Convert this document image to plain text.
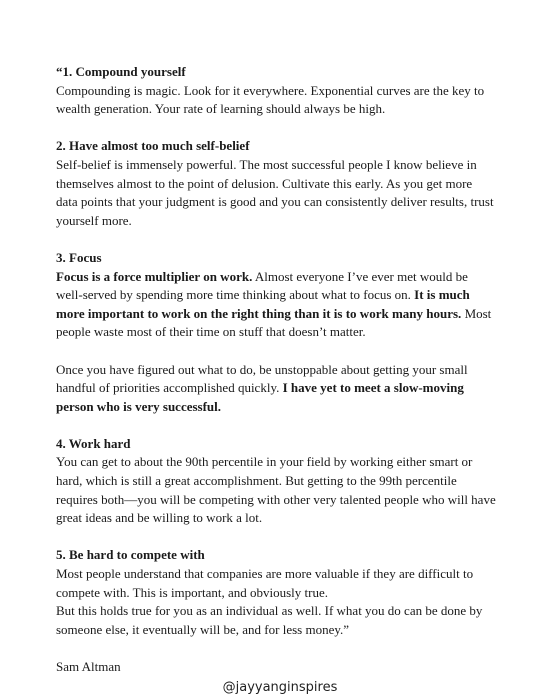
“1. Compound yourself

Compounding is magic. Look for it everywhere. Exponential curves are the key to wealth generation. Your rate of learning should always be high.

2. Have almost too much self-belief

Self-belief is immensely powerful. The most successful people I know believe in themselves almost to the point of delusion. Cultivate this early. As you get more data points that your judgment is good and you can consistently deliver results, trust yourself more.

3. Focus

Focus is a force multiplier on work. Almost everyone I’ve ever met would be well-served by spending more time thinking about what to focus on. It is much more important to work on the right thing than it is to work many hours. Most people waste most of their time on stuff that doesn’t matter.

Once you have figured out what to do, be unstoppable about getting your small handful of priorities accomplished quickly. I have yet to meet a slow-moving person who is very successful.

4. Work hard

You can get to about the 90th percentile in your field by working either smart or hard, which is still a great accomplishment. But getting to the 99th percentile requires both—you will be competing with other very talented people who will have great ideas and be willing to work a lot.

5. Be hard to compete with

Most people understand that companies are more valuable if they are difficult to compete with. This is important, and obviously true.

But this holds true for you as an individual as well. If what you do can be done by someone else, it eventually will be, and for less money.”

Sam Altman

@jayyanginspires
